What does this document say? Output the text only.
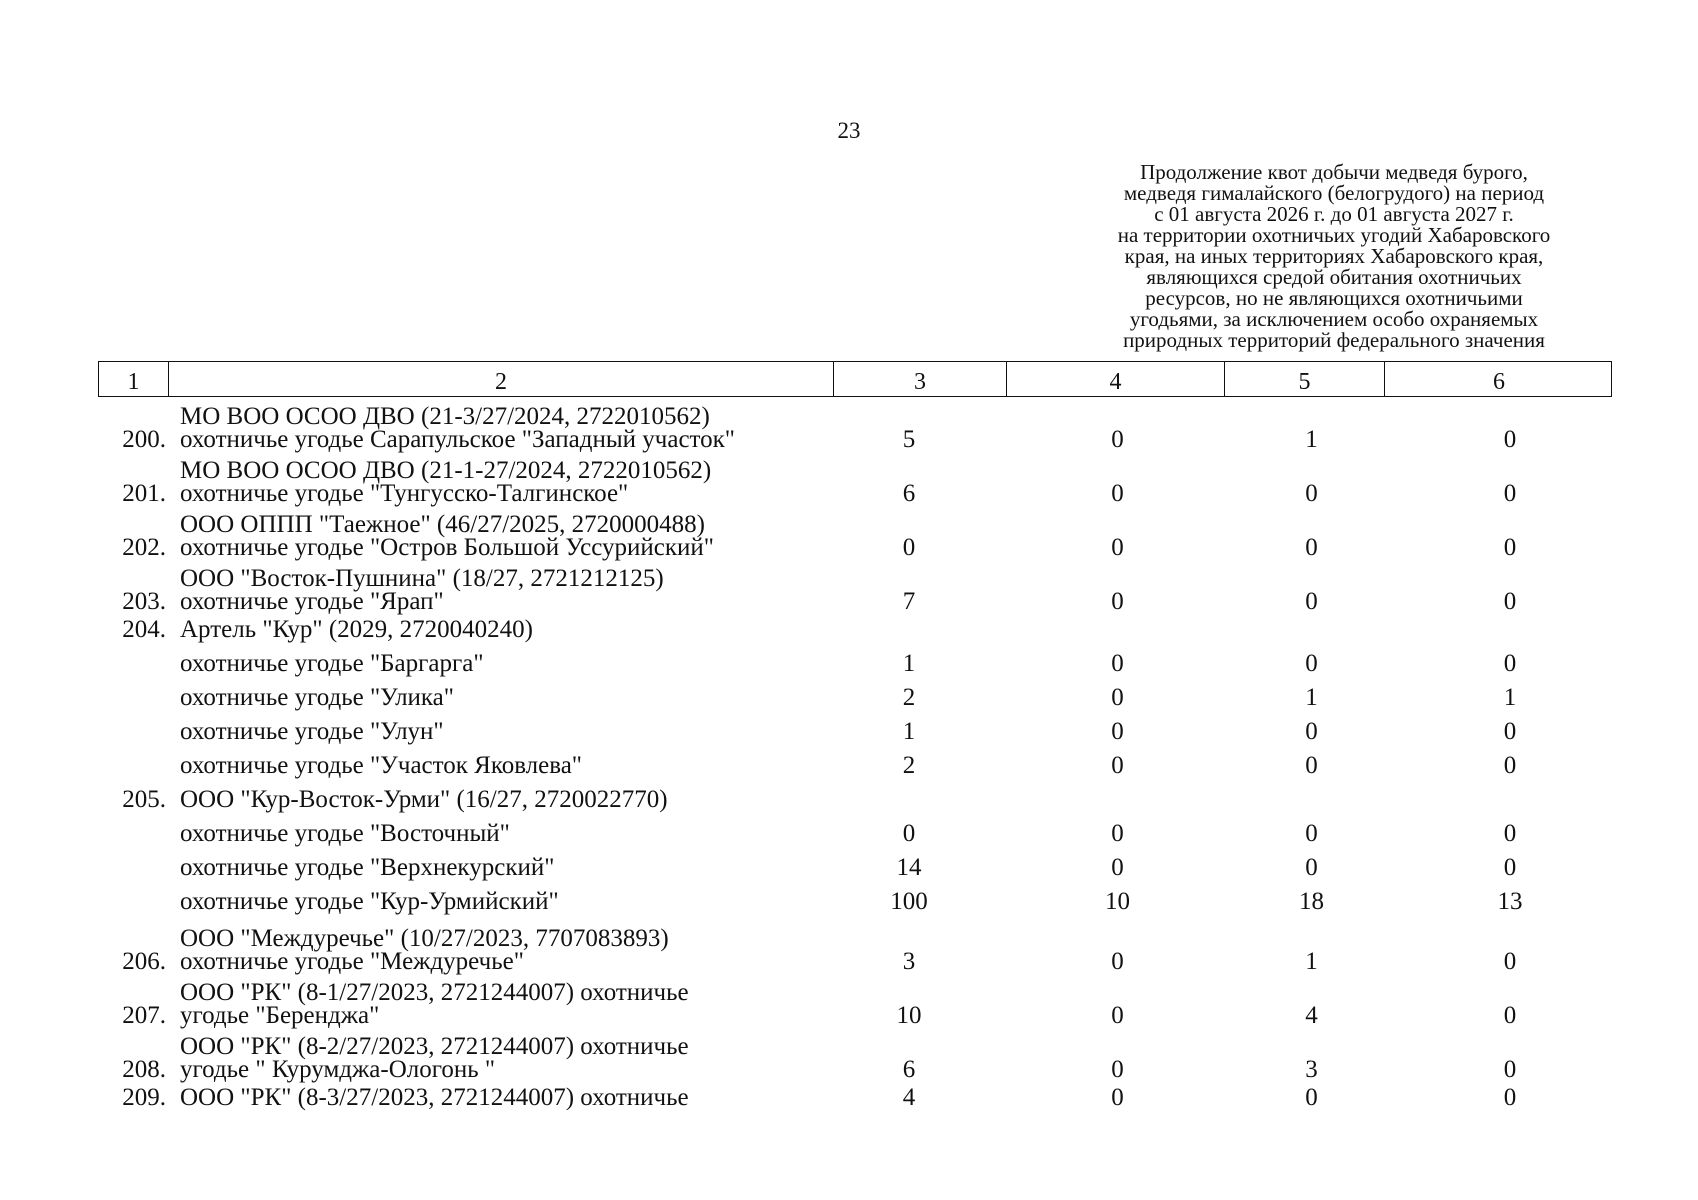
23
Продолжение квот добычи медведя бурого,
медведя гималайского (белогрудого) на период
с 01 августа 2026 г. до 01 августа 2027 г.
на территории охотничьих угодий Хабаровского
края, на иных территориях Хабаровского края,
являющихся средой обитания охотничьих
ресурсов, но не являющихся охотничьими
угодьями, за исключением особо охраняемых
природных территорий федерального значения
1	2	3	4	5	6
200.
МО ВОО ОСОО ДВО (21-3/27/2024, 2722010562)
охотничье угодье Сарапульское "Западный участок"	5	0	1	0
201.
МО ВОО ОСОО ДВО (21-1-27/2024, 2722010562)
охотничье угодье "Тунгусско-Талгинское"	6	0	0	0
202.
ООО ОППП "Таежное" (46/27/2025, 2720000488)
охотничье угодье "Остров Большой Уссурийский"	0	0	0	0
203.
ООО "Восток-Пушнина" (18/27, 2721212125)
охотничье угодье "Ярап"	7	0	0	0
204. Артель "Кур" (2029, 2720040240)
охотничье угодье "Баргарга"	1	0	0	0
охотничье угодье "Улика"	2	0	1	1
охотничье угодье "Улун"	1	0	0	0
охотничье угодье "Участок Яковлева"	2	0	0	0
205. ООО "Кур-Восток-Урми" (16/27, 2720022770)
охотничье угодье "Восточный"	0	0	0	0
охотничье угодье "Верхнекурский"	14	0	0	0
охотничье угодье "Кур-Урмийский"	100	10	18	13
206.
ООО "Междуречье" (10/27/2023, 7707083893)
охотничье угодье "Междуречье"	3	0	1	0
207.
ООО "РК" (8-1/27/2023, 2721244007) охотничье
угодье "Беренджа"	10	0	4	0
208.
ООО "РК" (8-2/27/2023, 2721244007) охотничье
угодье " Курумджа-Ологонь "	6	0	3	0
209. ООО "РК" (8-3/27/2023, 2721244007) охотничье	4	0	0	0
